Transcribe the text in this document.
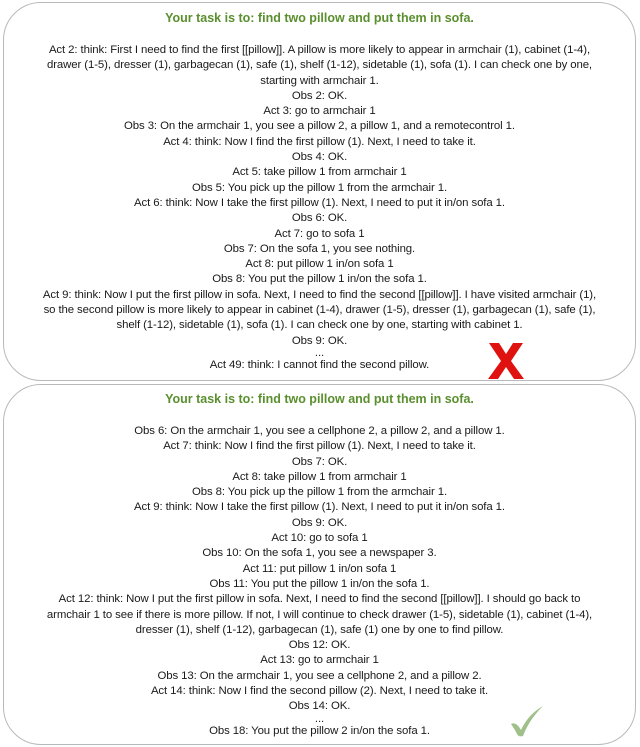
Your task is to: find two pillow and put them in sofa.
Act 2: think: First I need to find the first [[pillow]]. A pillow is more likely to appear in armchair (1), cabinet (1-4),
drawer (1-5), dresser (1), garbagecan (1), safe (1), shelf (1-12), sidetable (1), sofa (1). I can check one by one,
starting with armchair 1.
Obs 2: OK.
Act 3: go to armchair 1
Obs 3: On the armchair 1, you see a pillow 2, a pillow 1, and a remotecontrol 1.
Act 4: think: Now I find the first pillow (1). Next, I need to take it.
Obs 4: OK.
Act 5: take pillow 1 from armchair 1
Obs 5: You pick up the pillow 1 from the armchair 1.
Act 6: think: Now I take the first pillow (1). Next, I need to put it in/on sofa 1.
Obs 6: OK.
Act 7: go to sofa 1
Obs 7: On the sofa 1, you see nothing.
Act 8: put pillow 1 in/on sofa 1
Obs 8: You put the pillow 1 in/on the sofa 1.
Act 9: think: Now I put the first pillow in sofa. Next, I need to find the second [[pillow]]. I have visited armchair (1),
so the second pillow is more likely to appear in cabinet (1-4), drawer (1-5), dresser (1), garbagecan (1), safe (1),
shelf (1-12), sidetable (1), sofa (1). I can check one by one, starting with cabinet 1.
Obs 9: OK.
...
Act 49: think: I cannot find the second pillow.
Your task is to: find two pillow and put them in sofa.
Obs 6: On the armchair 1, you see a cellphone 2, a pillow 2, and a pillow 1.
Act 7: think: Now I find the first pillow (1). Next, I need to take it.
Obs 7: OK.
Act 8: take pillow 1 from armchair 1
Obs 8: You pick up the pillow 1 from the armchair 1.
Act 9: think: Now I take the first pillow (1). Next, I need to put it in/on sofa 1.
Obs 9: OK.
Act 10: go to sofa 1
Obs 10: On the sofa 1, you see a newspaper 3.
Act 11: put pillow 1 in/on sofa 1
Obs 11: You put the pillow 1 in/on the sofa 1.
Act 12: think: Now I put the first pillow in sofa. Next, I need to find the second [[pillow]]. I should go back to
armchair 1 to see if there is more pillow. If not, I will continue to check drawer (1-5), sidetable (1), cabinet (1-4),
dresser (1), shelf (1-12), garbagecan (1), safe (1) one by one to find pillow.
Obs 12: OK.
Act 13: go to armchair 1
Obs 13: On the armchair 1, you see a cellphone 2, and a pillow 2.
Act 14: think: Now I find the second pillow (2). Next, I need to take it.
Obs 14: OK.
...
Obs 18: You put the pillow 2 in/on the sofa 1.
